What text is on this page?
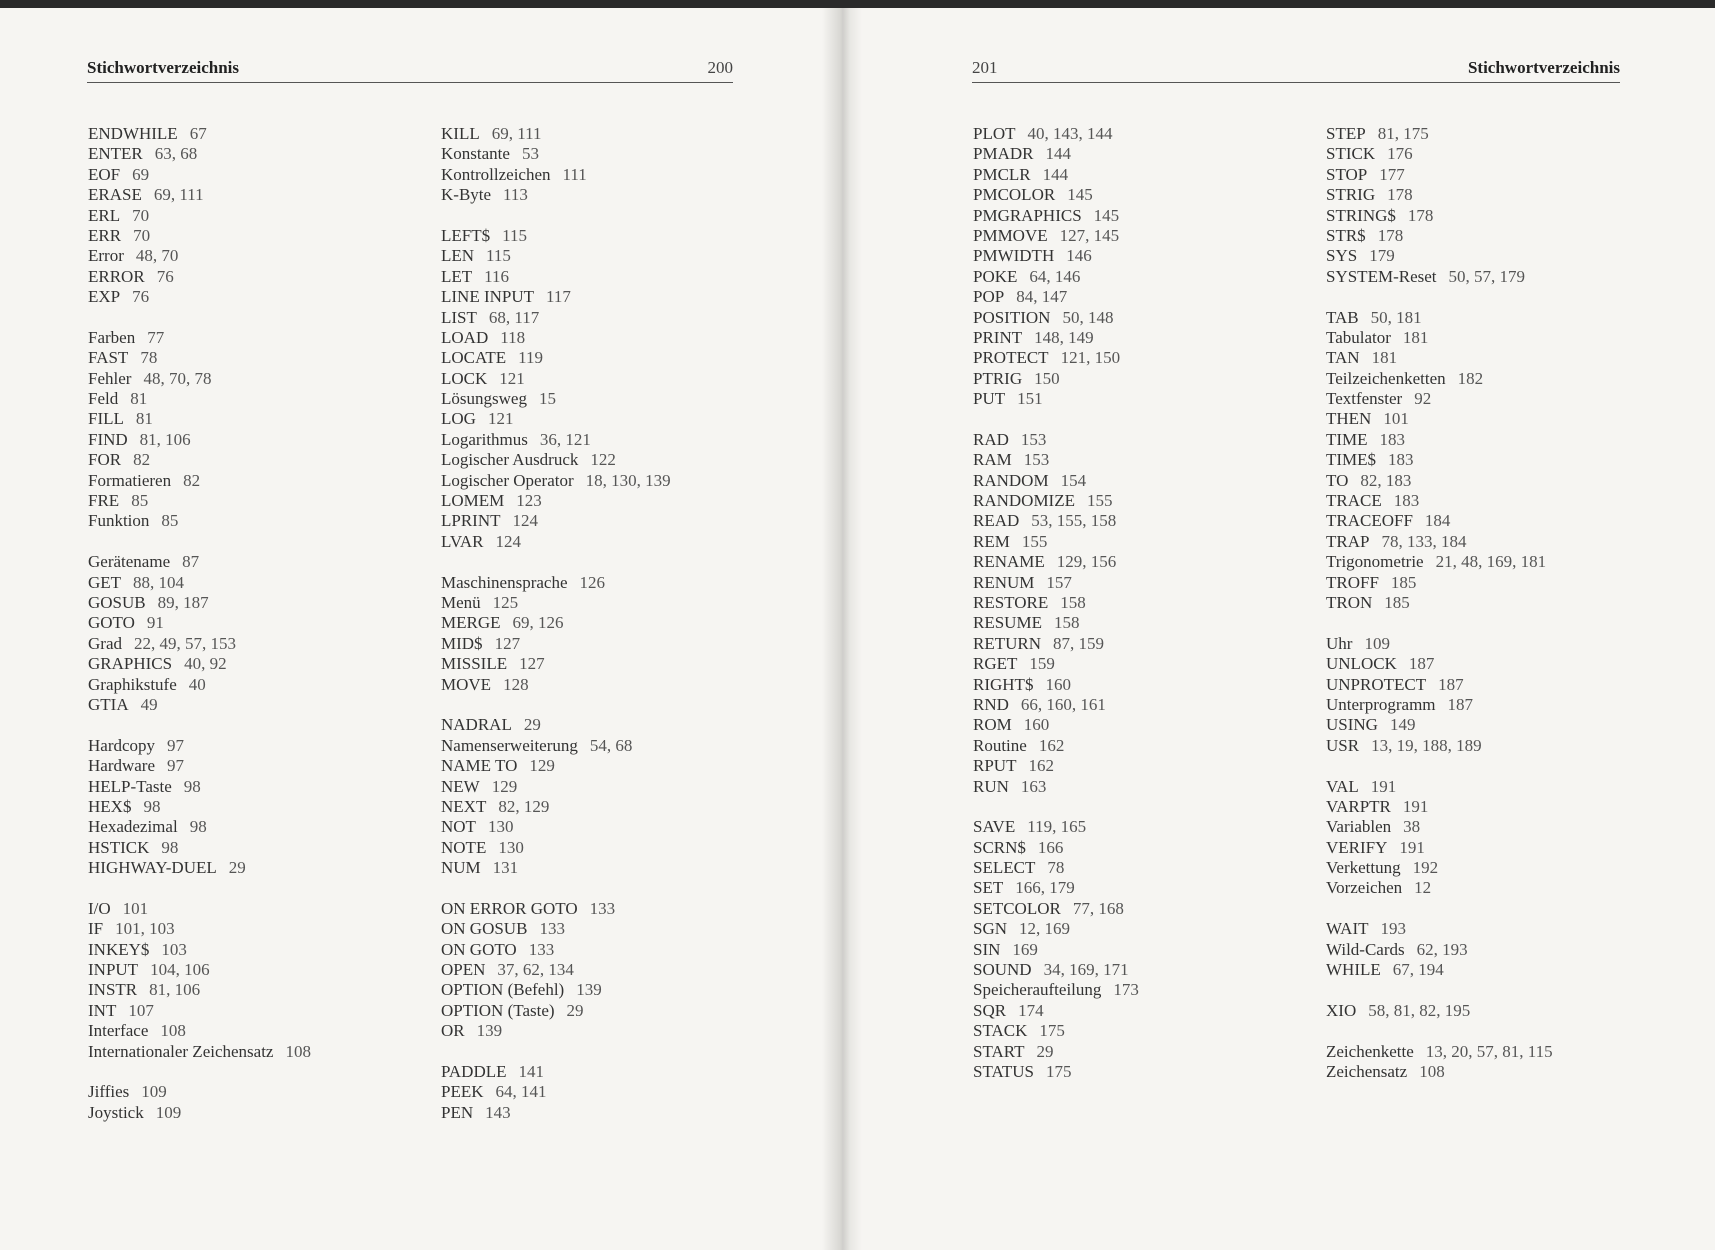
Stichwortverzeichnis	200
ENDWHILE 67
ENTER 63, 68
EOF 69
ERASE 69, 111
ERL 70
ERR 70
Error 48, 70
ERROR 76
EXP 76
Farben 77
FAST 78
Fehler 48, 70, 78
Feld 81
FILL 81
FIND 81, 106
FOR 82
Formatieren 82
FRE 85
Funktion 85
Gerätename 87
GET 88, 104
GOSUB 89, 187
GOTO 91
Grad 22, 49, 57, 153
GRAPHICS 40, 92
Graphikstufe 40
GTIA 49
Hardcopy 97
Hardware 97
HELP-Taste 98
HEX$ 98
Hexadezimal 98
HSTICK 98
HIGHWAY-DUEL 29
I/O 101
IF 101, 103
INKEY$ 103
INPUT 104, 106
INSTR 81, 106
INT 107
Interface 108
Internationaler Zeichensatz 108
Jiffies 109
Joystick 109
KILL 69, 111
Konstante 53
Kontrollzeichen 111
K-Byte 113
LEFT$ 115
LEN 115
LET 116
LINE INPUT 117
LIST 68, 117
LOAD 118
LOCATE 119
LOCK 121
Lösungsweg 15
LOG 121
Logarithmus 36, 121
Logischer Ausdruck 122
Logischer Operator 18, 130, 139
LOMEM 123
LPRINT 124
LVAR 124
Maschinensprache 126
Menü 125
MERGE 69, 126
MID$ 127
MISSILE 127
MOVE 128
NADRAL 29
Namenserweiterung 54, 68
NAME TO 129
NEW 129
NEXT 82, 129
NOT 130
NOTE 130
NUM 131
ON ERROR GOTO 133
ON GOSUB 133
ON GOTO 133
OPEN 37, 62, 134
OPTION (Befehl) 139
OPTION (Taste) 29
OR 139
PADDLE 141
PEEK 64, 141
PEN 143
201	Stichwortverzeichnis
PLOT 40, 143, 144
PMADR 144
PMCLR 144
PMCOLOR 145
PMGRAPHICS 145
PMMOVE 127, 145
PMWIDTH 146
POKE 64, 146
POP 84, 147
POSITION 50, 148
PRINT 148, 149
PROTECT 121, 150
PTRIG 150
PUT 151
RAD 153
RAM 153
RANDOM 154
RANDOMIZE 155
READ 53, 155, 158
REM 155
RENAME 129, 156
RENUM 157
RESTORE 158
RESUME 158
RETURN 87, 159
RGET 159
RIGHT$ 160
RND 66, 160, 161
ROM 160
Routine 162
RPUT 162
RUN 163
SAVE 119, 165
SCRN$ 166
SELECT 78
SET 166, 179
SETCOLOR 77, 168
SGN 12, 169
SIN 169
SOUND 34, 169, 171
Speicheraufteilung 173
SQR 174
STACK 175
START 29
STATUS 175
STEP 81, 175
STICK 176
STOP 177
STRIG 178
STRING$ 178
STR$ 178
SYS 179
SYSTEM-Reset 50, 57, 179
TAB 50, 181
Tabulator 181
TAN 181
Teilzeichenketten 182
Textfenster 92
THEN 101
TIME 183
TIME$ 183
TO 82, 183
TRACE 183
TRACEOFF 184
TRAP 78, 133, 184
Trigonometrie 21, 48, 169, 181
TROFF 185
TRON 185
Uhr 109
UNLOCK 187
UNPROTECT 187
Unterprogramm 187
USING 149
USR 13, 19, 188, 189
VAL 191
VARPTR 191
Variablen 38
VERIFY 191
Verkettung 192
Vorzeichen 12
WAIT 193
Wild-Cards 62, 193
WHILE 67, 194
XIO 58, 81, 82, 195
Zeichenkette 13, 20, 57, 81, 115
Zeichensatz 108
